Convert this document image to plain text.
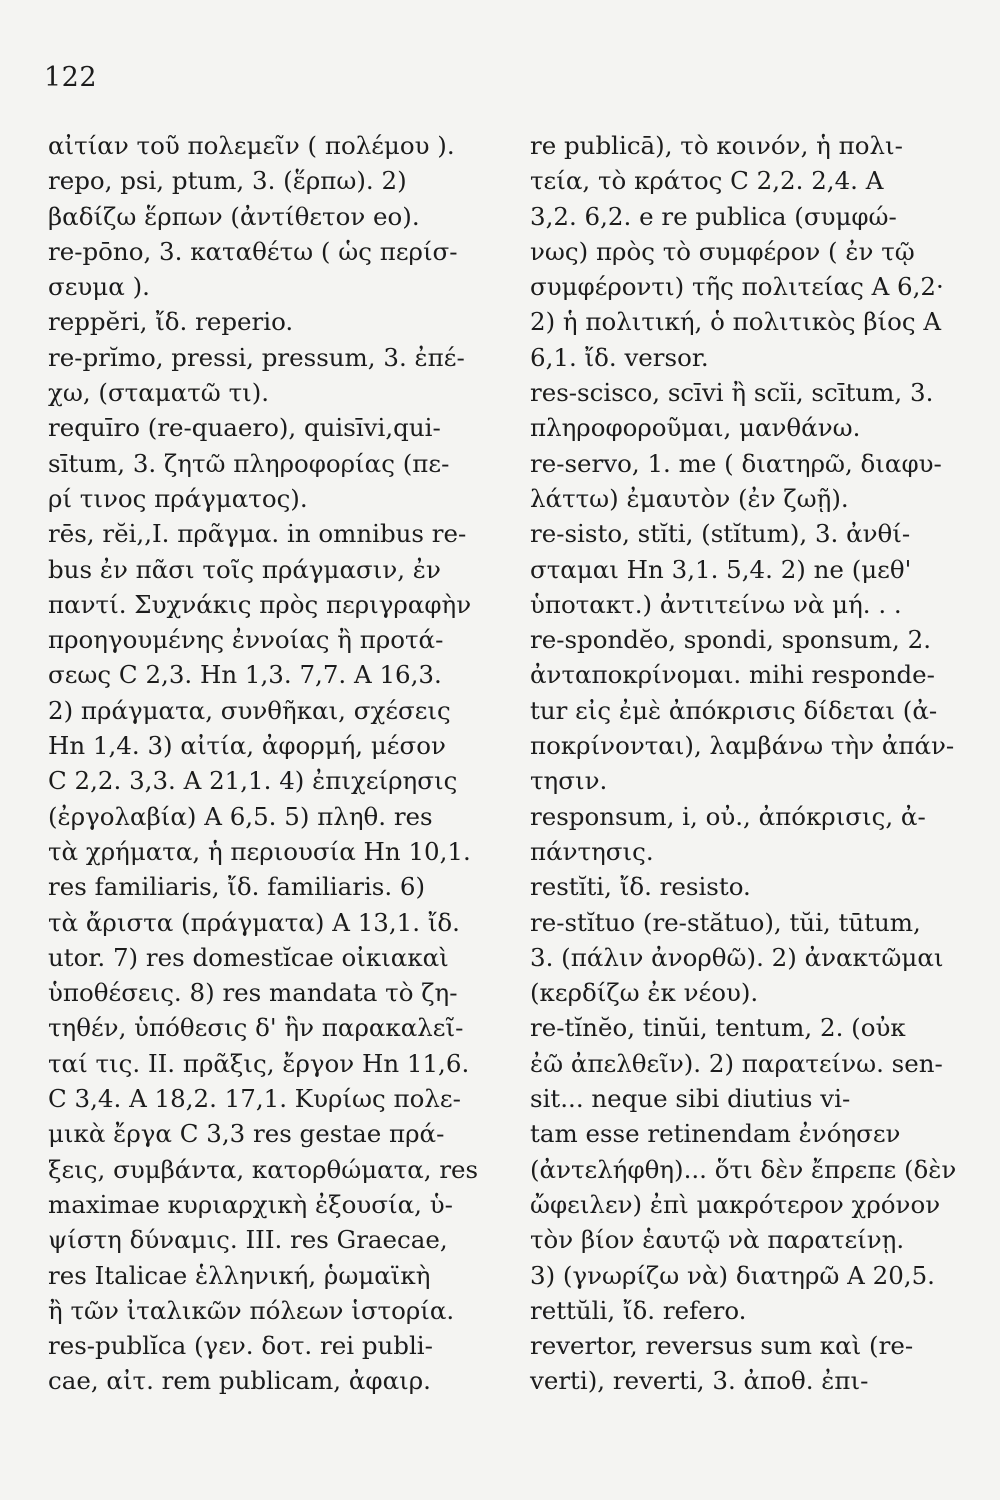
122
αἰτίαν τοῦ πολεμεῖν ( πολέμου ).
repo, psi, ptum, 3. (ἕρπω). 2)
βαδίζω ἕρπων (ἀντίθετον eo).
re-pōno, 3. καταθέτω ( ὡς περίσ-
σευμα ).
reppĕri, ἴδ. reperio.
re-prĭmo, pressi, pressum, 3. ἐπέ-
χω, (σταματῶ τι).
requīro (re-quaero), quisīvi,qui-
sītum, 3. ζητῶ πληροφορίας (πε-
ρί τινος πράγματος).
rēs, rĕi,,I. πρᾶγμα. in omnibus re-
bus ἐν πᾶσι τοῖς πράγμασιν, ἐν
παντί. Συχνάκις πρὸς περιγραφὴν
προηγουμένης ἐννοίας ἢ προτά-
σεως C 2,3. Hn 1,3. 7,7. A 16,3.
2) πράγματα, συνθῆκαι, σχέσεις
Hn 1,4. 3) αἰτία, ἀφορμή, μέσον
C 2,2. 3,3. A 21,1. 4) ἐπιχείρησις
(ἐργολαβία) A 6,5. 5) πληθ. res
τὰ χρήματα, ἡ περιουσία Hn 10,1.
res familiaris, ἴδ. familiaris. 6)
τὰ ἄριστα (πράγματα) A 13,1. ἴδ.
utor. 7) res domestĭcae οἰκιακαὶ
ὑποθέσεις. 8) res mandata τὸ ζη-
τηθέν, ὑπόθεσις δ' ἣν παρακαλεῖ-
ταί τις. II. πρᾶξις, ἔργον Hn 11,6.
C 3,4. A 18,2. 17,1. Κυρίως πολε-
μικὰ ἔργα C 3,3 res gestae πρά-
ξεις, συμβάντα, κατορθώματα, res
maximae κυριαρχικὴ ἐξουσία, ὑ-
ψίστη δύναμις. III. res Graecae,
res Italicae ἑλληνική, ῥωμαϊκὴ
ἢ τῶν ἰταλικῶν πόλεων ἱστορία.
res-publĭca (γεν. δοτ. rei publi-
cae, αἰτ. rem publicam, ἀφαιρ.
re publicā), τὸ κοινόν, ἡ πολι-
τεία, τὸ κράτος C 2,2. 2,4. A
3,2. 6,2. e re publica (συμφώ-
νως) πρὸς τὸ συμφέρον ( ἐν τῷ
συμφέροντι) τῆς πολιτείας A 6,2·
2) ἡ πολιτική, ὁ πολιτικὸς βίος A
6,1. ἴδ. versor.
res-scisco, scīvi ἢ scĭi, scītum, 3.
πληροφοροῦμαι, μανθάνω.
re-servo, 1. me ( διατηρῶ, διαφυ-
λάττω) ἐμαυτὸν (ἐν ζωῇ).
re-sisto, stĭti, (stĭtum), 3. ἀνθί-
σταμαι Hn 3,1. 5,4. 2) ne (μεθ'
ὑποτακτ.) ἀντιτείνω νὰ μή. . .
re-spondĕo, spondi, sponsum, 2.
ἀνταποκρίνομαι. mihi responde-
tur εἰς ἐμὲ ἀπόκρισις δίδεται (ἀ-
ποκρίνονται), λαμβάνω τὴν ἀπάν-
τησιν.
responsum, i, οὐ., ἀπόκρισις, ἀ-
πάντησις.
restĭti, ἴδ. resisto.
re-stĭtuo (re-stătuo), tŭi, tūtum,
3. (πάλιν ἀνορθῶ). 2) ἀνακτῶμαι
(κερδίζω ἐκ νέου).
re-tĭnĕo, tinŭi, tentum, 2. (οὐκ
ἐῶ ἀπελθεῖν). 2) παρατείνω. sen-
sit... neque sibi diutius vi-
tam esse retinendam ἐνόησεν
(ἀντελήφθη)... ὅτι δὲν ἔπρεπε (δὲν
ὤφειλεν) ἐπὶ μακρότερον χρόνον
τὸν βίον ἑαυτῷ νὰ παρατείνῃ.
3) (γνωρίζω νὰ) διατηρῶ A 20,5.
rettŭli, ἴδ. refero.
revertor, reversus sum καὶ (re-
verti), reverti, 3. ἀποθ. ἐπι-
